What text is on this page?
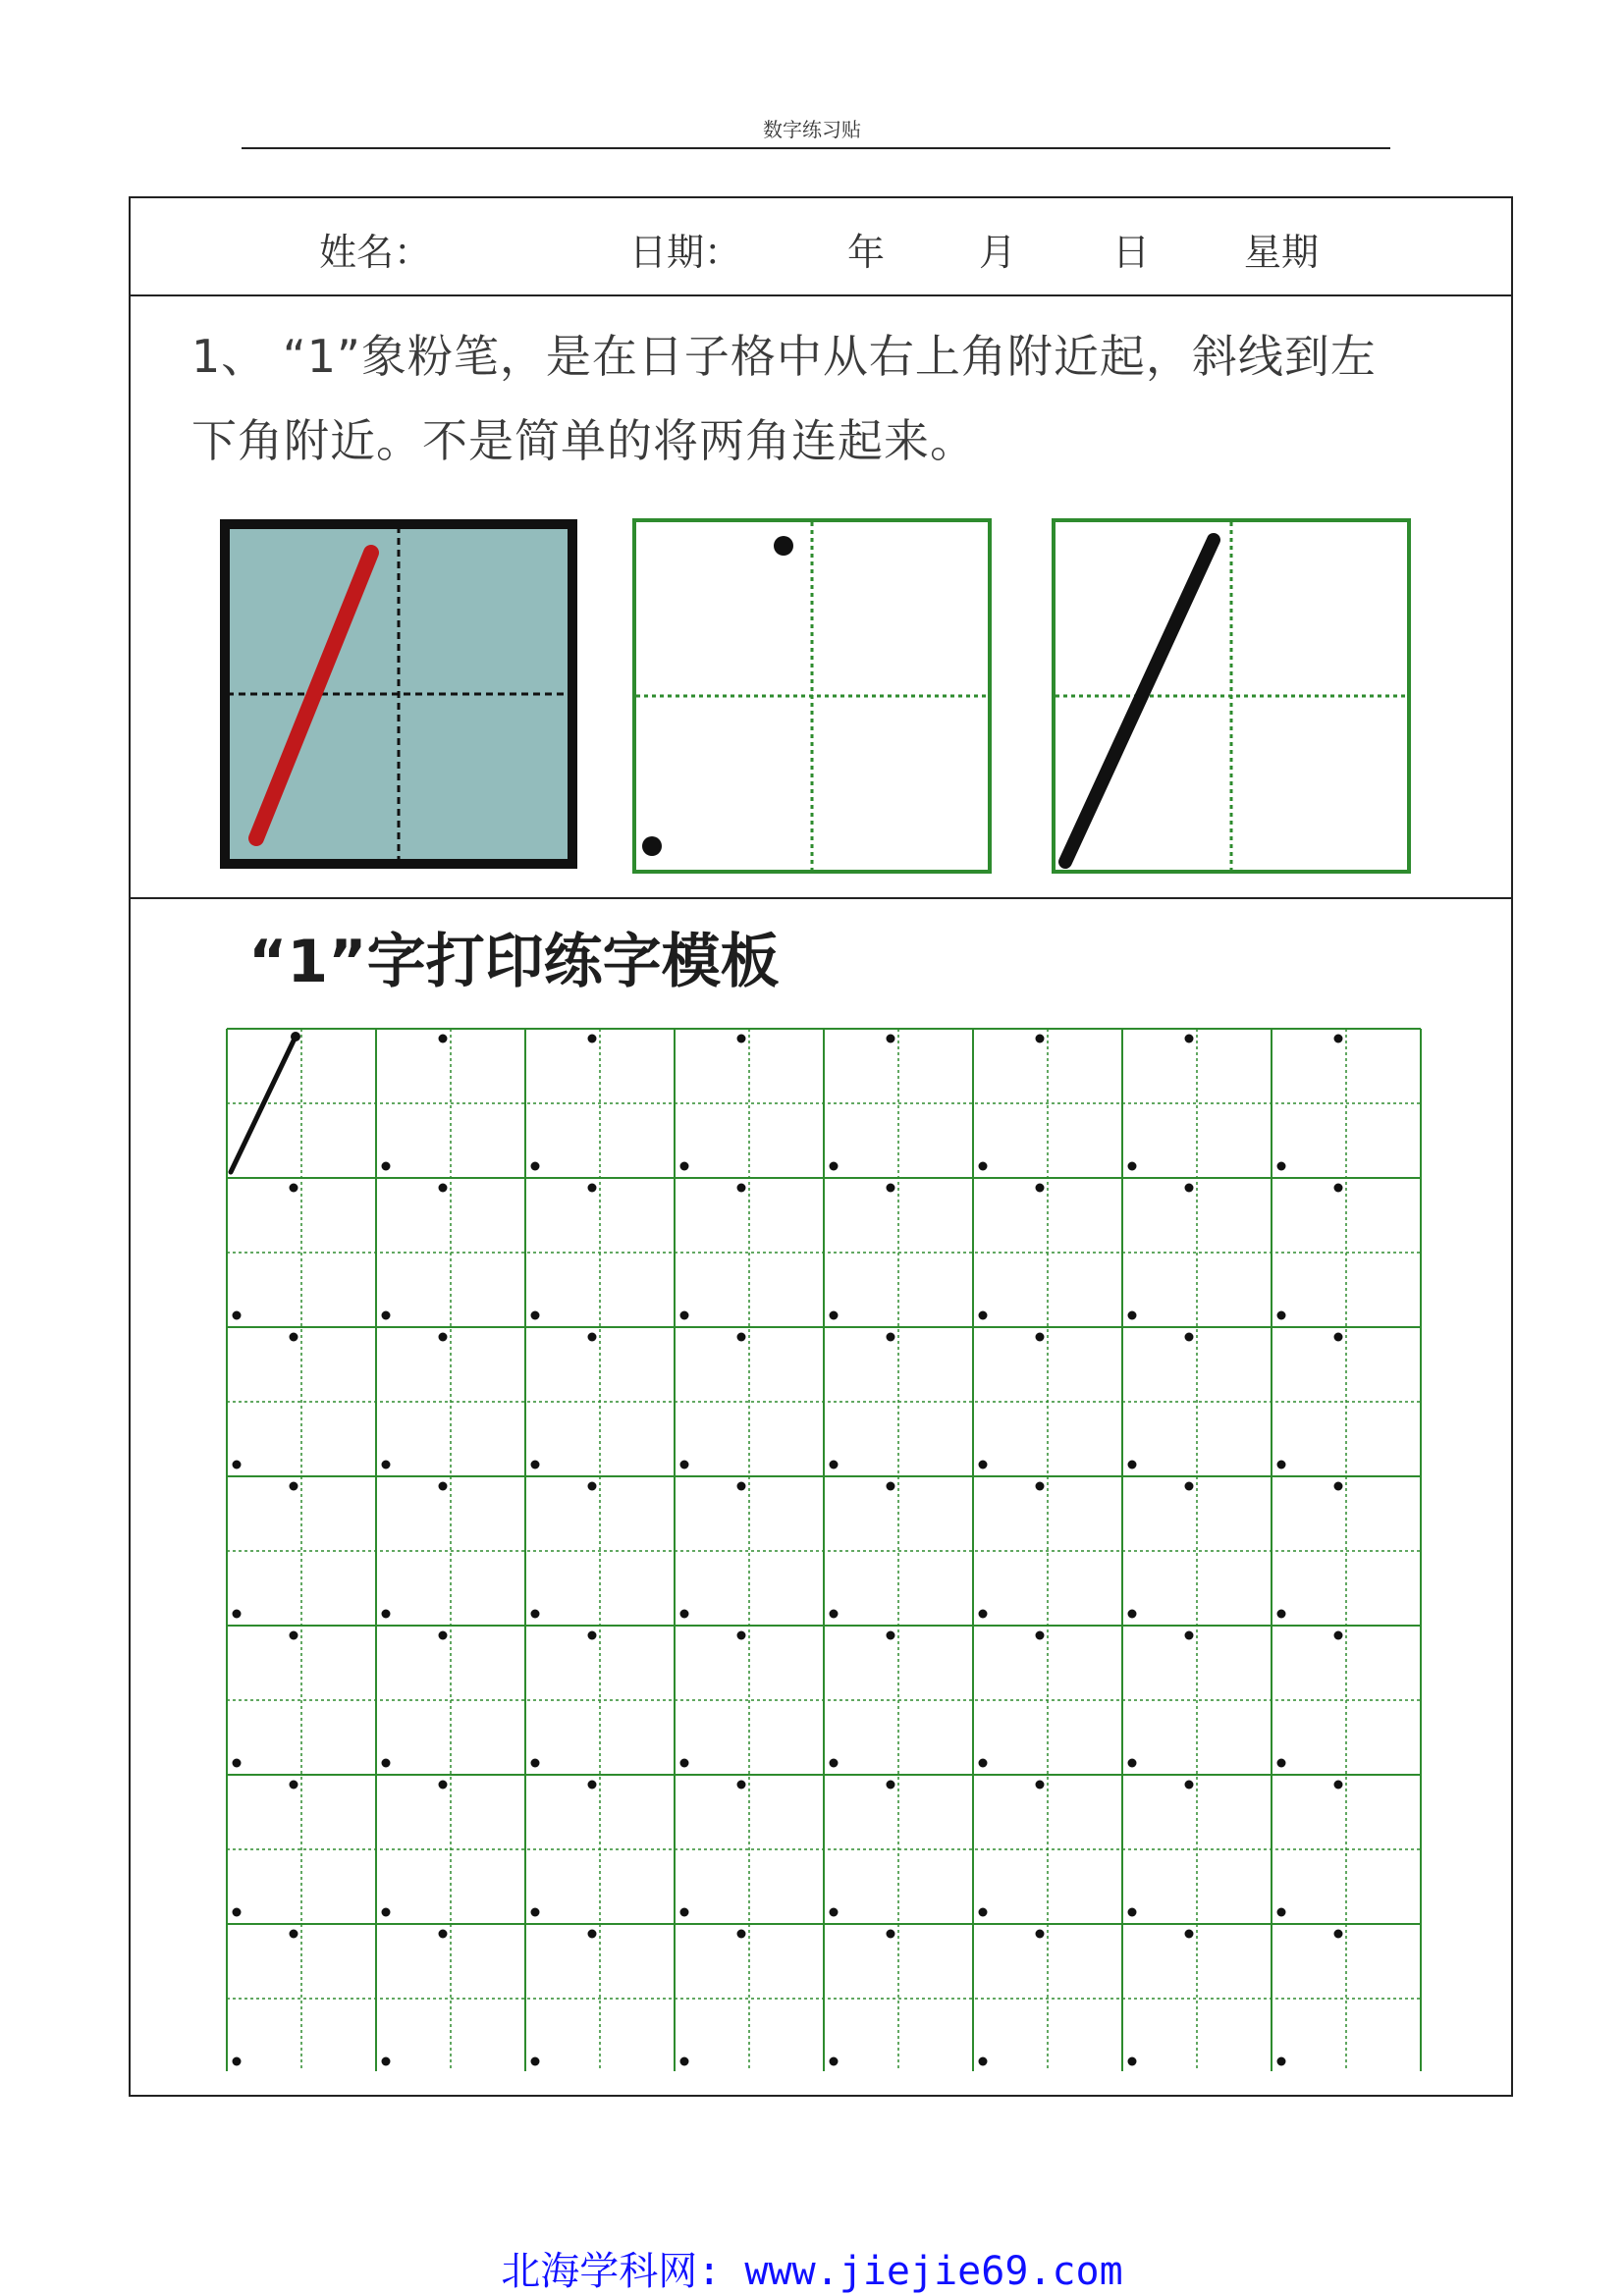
数字练习贴
姓名：	日期：	年	月	日	星期
1、 “1”象粉笔，是在日子格中从右上角附近起，斜线到左
下角附近。不是简单的将两角连起来。
“1”字打印练字模板
北海学科网: www.jiejie69.com
